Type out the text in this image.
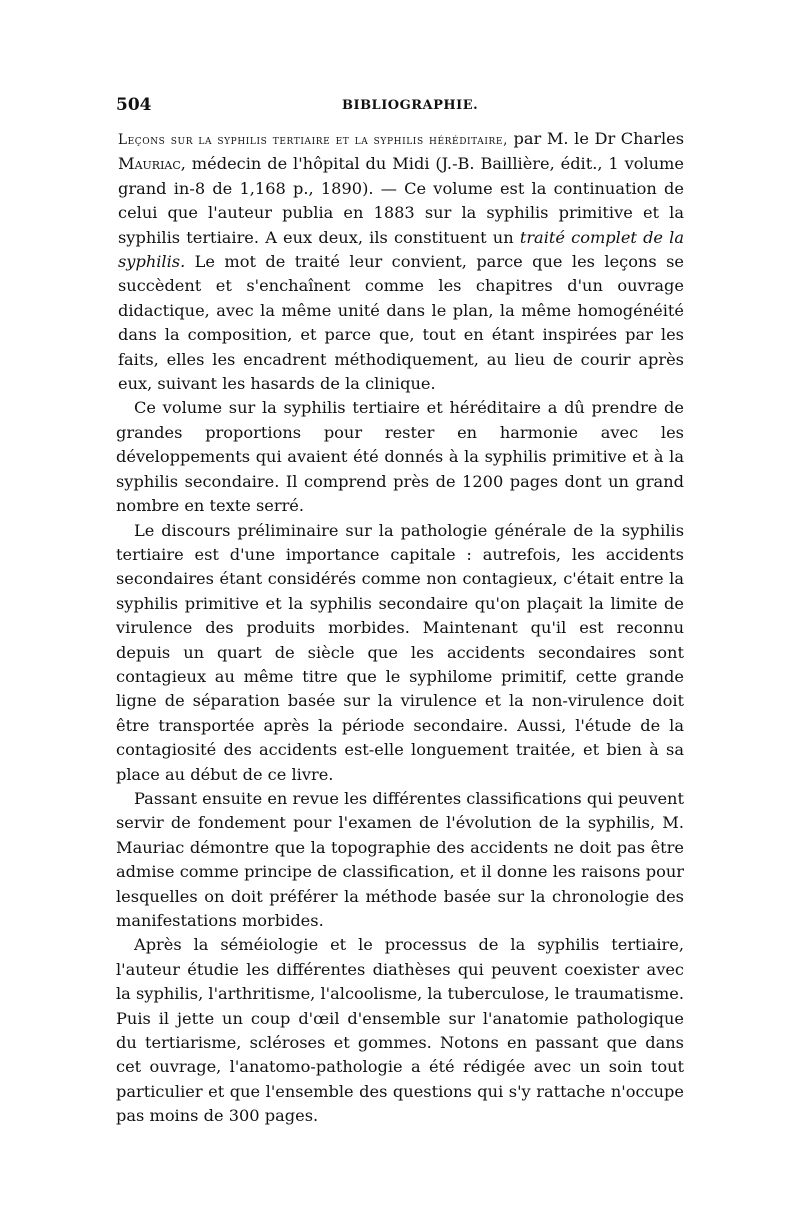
504	BIBLIOGRAPHIE.

Leçons sur la syphilis tertiaire et la syphilis héréditaire, par M. le Dr Charles Mauriac, médecin de l'hôpital du Midi (J.-B. Baillière, édit., 1 volume grand in-8 de 1,168 p., 1890). — Ce volume est la continuation de celui que l'auteur publia en 1883 sur la syphilis primitive et la syphilis tertiaire. A eux deux, ils constituent un traité complet de la syphilis. Le mot de traité leur convient, parce que les leçons se succèdent et s'enchaînent comme les chapitres d'un ouvrage didactique, avec la même unité dans le plan, la même homogénéité dans la composition, et parce que, tout en étant inspirées par les faits, elles les encadrent méthodiquement, au lieu de courir après eux, suivant les hasards de la clinique.

Ce volume sur la syphilis tertiaire et héréditaire a dû prendre de grandes proportions pour rester en harmonie avec les développements qui avaient été donnés à la syphilis primitive et à la syphilis secondaire. Il comprend près de 1200 pages dont un grand nombre en texte serré.

Le discours préliminaire sur la pathologie générale de la syphilis tertiaire est d'une importance capitale : autrefois, les accidents secondaires étant considérés comme non contagieux, c'était entre la syphilis primitive et la syphilis secondaire qu'on plaçait la limite de virulence des produits morbides. Maintenant qu'il est reconnu depuis un quart de siècle que les accidents secondaires sont contagieux au même titre que le syphilome primitif, cette grande ligne de séparation basée sur la virulence et la non-virulence doit être transportée après la période secondaire. Aussi, l'étude de la contagiosité des accidents est-elle longuement traitée, et bien à sa place au début de ce livre.

Passant ensuite en revue les différentes classifications qui peuvent servir de fondement pour l'examen de l'évolution de la syphilis, M. Mauriac démontre que la topographie des accidents ne doit pas être admise comme principe de classification, et il donne les raisons pour lesquelles on doit préférer la méthode basée sur la chronologie des manifestations morbides.

Après la séméiologie et le processus de la syphilis tertiaire, l'auteur étudie les différentes diathèses qui peuvent coexister avec la syphilis, l'arthritisme, l'alcoolisme, la tuberculose, le traumatisme. Puis il jette un coup d'œil d'ensemble sur l'anatomie pathologique du tertiarisme, scléroses et gommes. Notons en passant que dans cet ouvrage, l'anatomo-pathologie a été rédigée avec un soin tout particulier et que l'ensemble des questions qui s'y rattache n'occupe pas moins de 300 pages.
